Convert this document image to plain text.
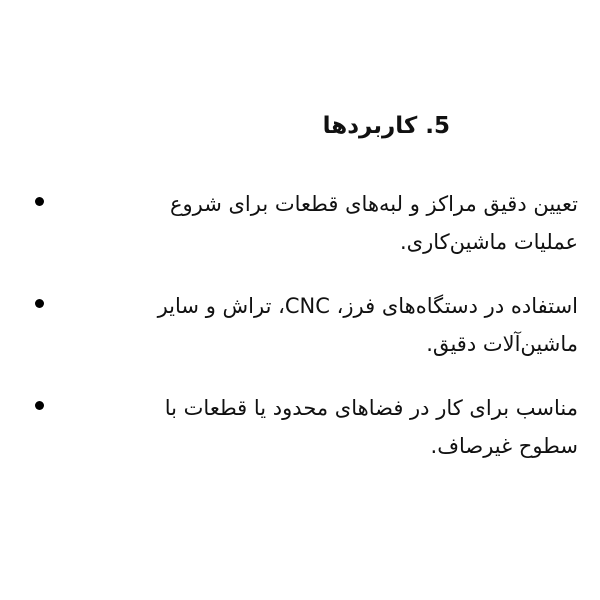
5. کاربردها
تعیین دقیق مراکز و لبه‌های قطعات برای شروع عملیات ماشین‌کاری.
استفاده در دستگاه‌های فرز، CNC، تراش و سایر ماشین‌آلات دقیق.
مناسب برای کار در فضاهای محدود یا قطعات با سطوح غیرصاف.
